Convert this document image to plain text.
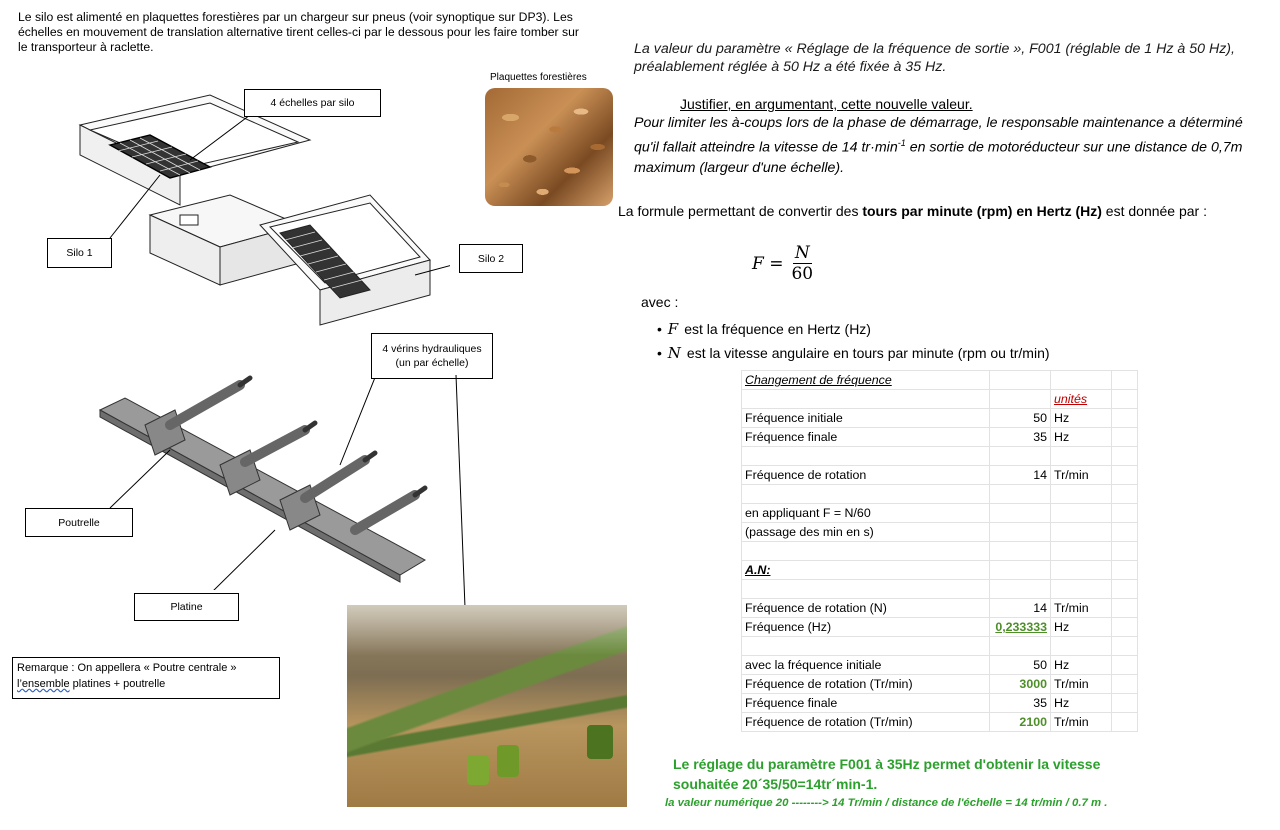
Le silo est alimenté en plaquettes forestières par un chargeur sur pneus (voir synoptique sur DP3). Les échelles en mouvement de translation alternative tirent celles-ci par le dessous pour les faire tomber sur le transporteur à raclette.
4 échelles par silo
Silo 1	Silo 2
Plaquettes forestières
4 vérins hydrauliques
(un par échelle)
Poutrelle
Platine
Remarque : On appellera « Poutre centrale »
l’ensemble platines + poutrelle
La valeur du paramètre « Réglage de la fréquence de sortie », F001 (réglable de 1 Hz à 50 Hz), préalablement réglée à 50 Hz a été fixée à 35 Hz.
Justifier, en argumentant, cette nouvelle valeur.
Pour limiter les à-coups lors de la phase de démarrage, le responsable maintenance a déterminé qu'il fallait atteindre la vitesse de 14 $tr\cdot\min^{-1}$ en sortie de motoréducteur sur une distance de 0,7m maximum (largeur d'une échelle).
La formule permettant de convertir des tours par minute (rpm) en Hertz (Hz) est donnée par :
$F = \frac{N}{60}$
avec :
• F est la fréquence en Hertz (Hz)
• N est la vitesse angulaire en tours par minute (rpm ou tr/min)
Changement de fréquence			
		unités	
Fréquence initiale	50	Hz	
Fréquence finale	35	Hz	

Fréquence de rotation	14	Tr/min	

en appliquant F = N/60			
(passage des min en s)			

A.N:			

Fréquence de rotation (N)	14	Tr/min	
Fréquence (Hz)	0,233333	Hz	

avec la fréquence initiale	50	Hz	
Fréquence de rotation (Tr/min)	3000	Tr/min	
Fréquence finale	35	Hz	
Fréquence de rotation (Tr/min)	2100	Tr/min	
Le réglage du paramètre F001 à 35Hz permet d'obtenir la vitesse
souhaitée 20´35/50=14tr´min-1.
la valeur numérique 20 --------> 14 Tr/min / distance de l'échelle = 14 tr/min / 0.7 m .
